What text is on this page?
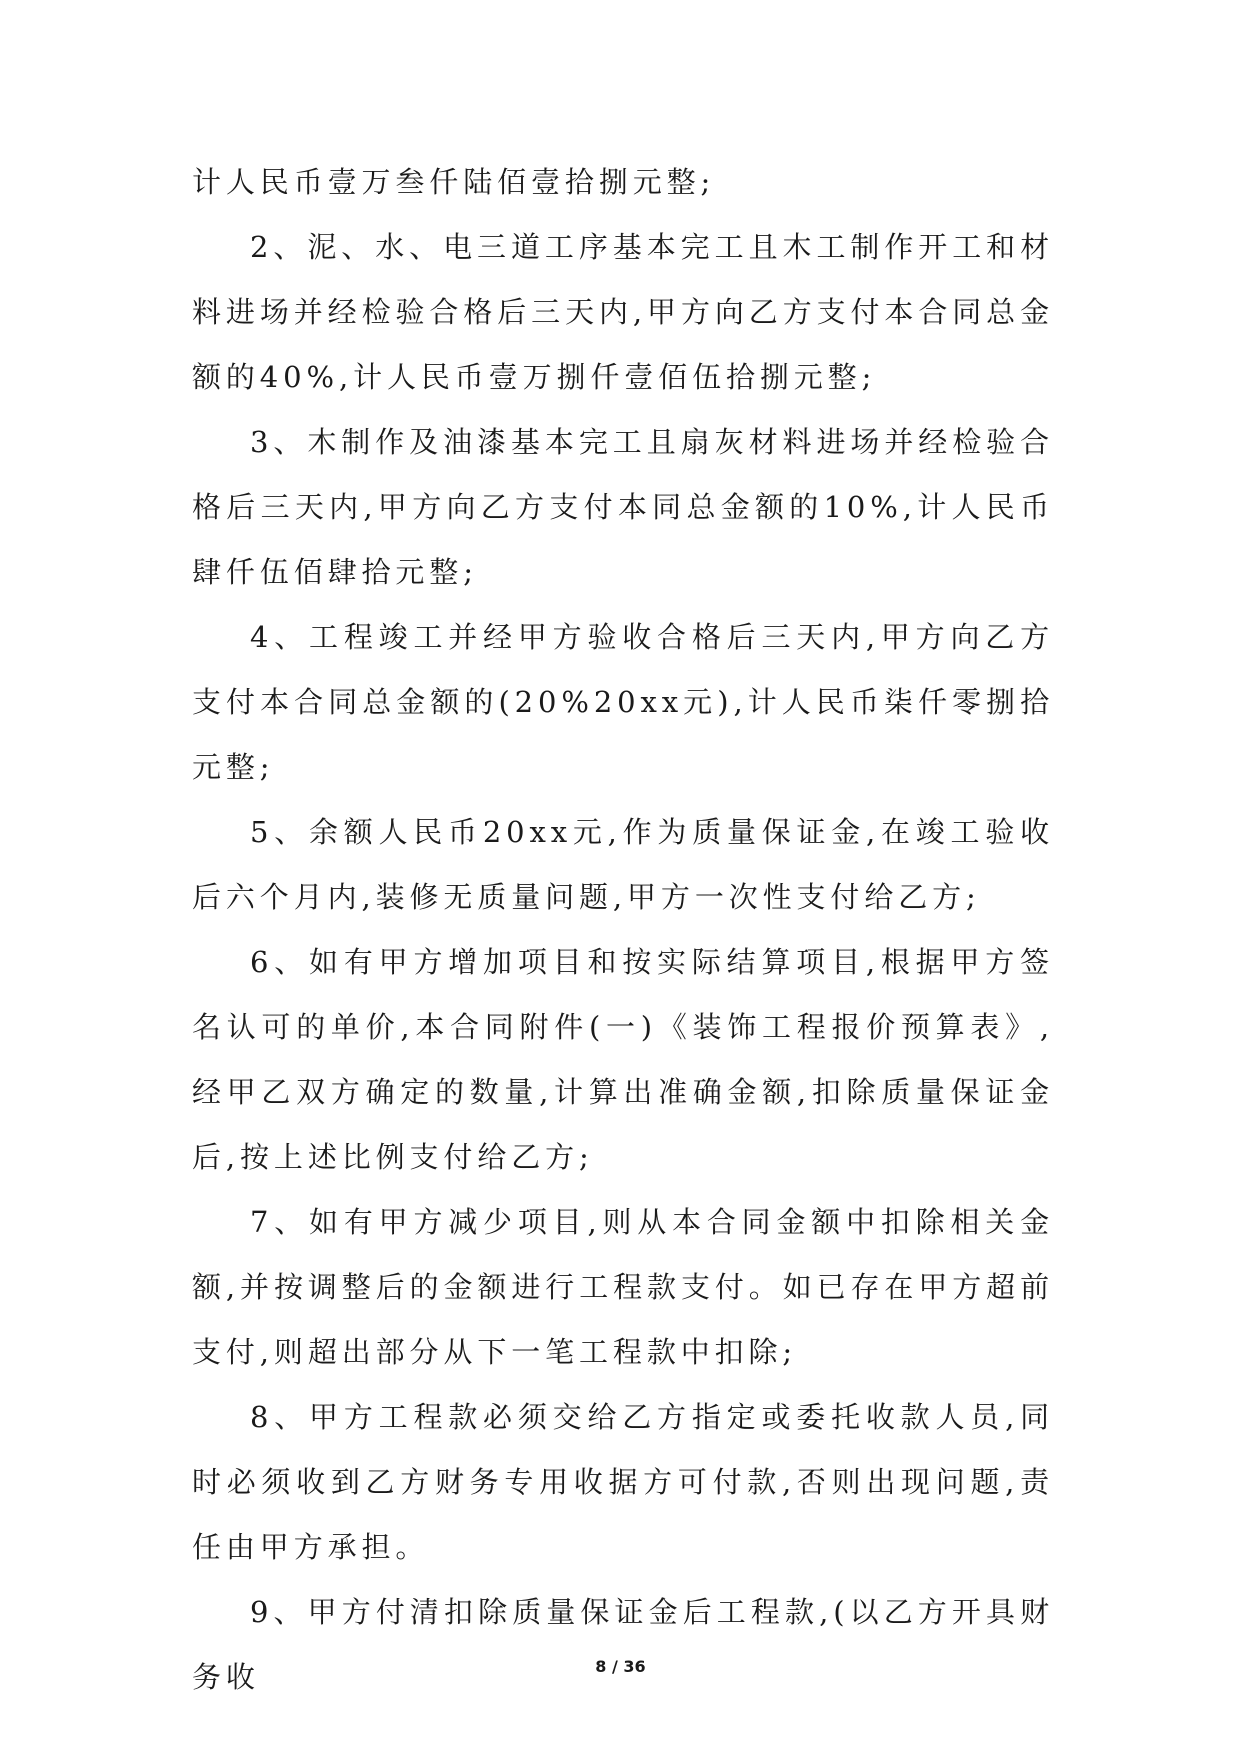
计人民币壹万叁仟陆佰壹拾捌元整;

2、泥、水、电三道工序基本完工且木工制作开工和材料进场并经检验合格后三天内,甲方向乙方支付本合同总金额的40%,计人民币壹万捌仟壹佰伍拾捌元整;

3、木制作及油漆基本完工且扇灰材料进场并经检验合格后三天内,甲方向乙方支付本同总金额的10%,计人民币肆仟伍佰肆拾元整;

4、工程竣工并经甲方验收合格后三天内,甲方向乙方支付本合同总金额的(20%20xx元),计人民币柒仟零捌拾元整;

5、余额人民币20xx元,作为质量保证金,在竣工验收后六个月内,装修无质量问题,甲方一次性支付给乙方;

6、如有甲方增加项目和按实际结算项目,根据甲方签名认可的单价,本合同附件(一)《装饰工程报价预算表》,经甲乙双方确定的数量,计算出准确金额,扣除质量保证金后,按上述比例支付给乙方;

7、如有甲方减少项目,则从本合同金额中扣除相关金额,并按调整后的金额进行工程款支付。如已存在甲方超前支付,则超出部分从下一笔工程款中扣除;

8、甲方工程款必须交给乙方指定或委托收款人员,同时必须收到乙方财务专用收据方可付款,否则出现问题,责任由甲方承担。

9、甲方付清扣除质量保证金后工程款,(以乙方开具财务收	8 / 36
